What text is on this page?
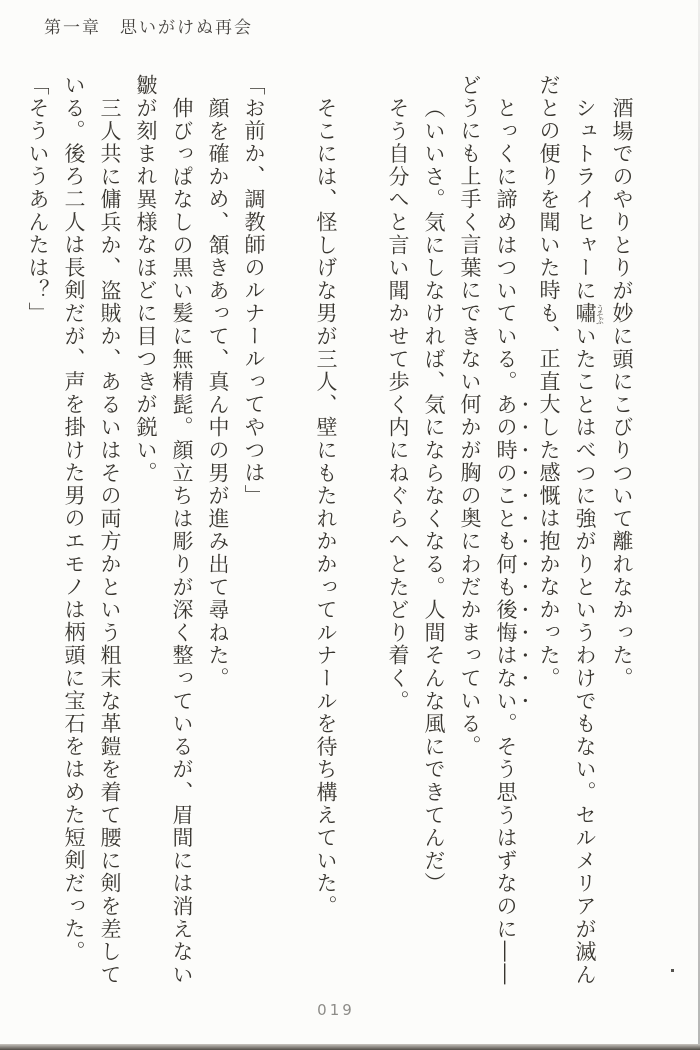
第一章　思いがけぬ再会

酒場でのやりとりが妙に頭にこびりついて離れなかった。

シュトライヒャーに嘯うそぶいたことはべつに強がりというわけでもない。セルメリアが滅んだとの便りを聞いた時も、正直大した感慨は抱かなかった。

とっくに諦めはついている。あの時のことも何も後悔はない。そう思うはずなのに――どうにも上手く言葉にできない何かが胸の奥にわだかまっている。

（いいさ。気にしなければ、気にならなくなる。人間そんな風にできてんだ）

そう自分へと言い聞かせて歩く内にねぐらへとたどり着く。

そこには、怪しげな男が三人、壁にもたれかかってルナールを待ち構えていた。

「お前か、調教師のルナールってやつは」

顔を確かめ、頷きあって、真ん中の男が進み出て尋ねた。

伸びっぱなしの黒い髪に無精髭。顔立ちは彫りが深く整っているが、眉間には消えない皺が刻まれ異様なほどに目つきが鋭い。

三人共に傭兵か、盗賊か、あるいはその両方かという粗末な革鎧を着て腰に剣を差している。後ろ二人は長剣だが、声を掛けた男のエモノは柄頭に宝石をはめた短剣だった。

「そういうあんたは？」

019
